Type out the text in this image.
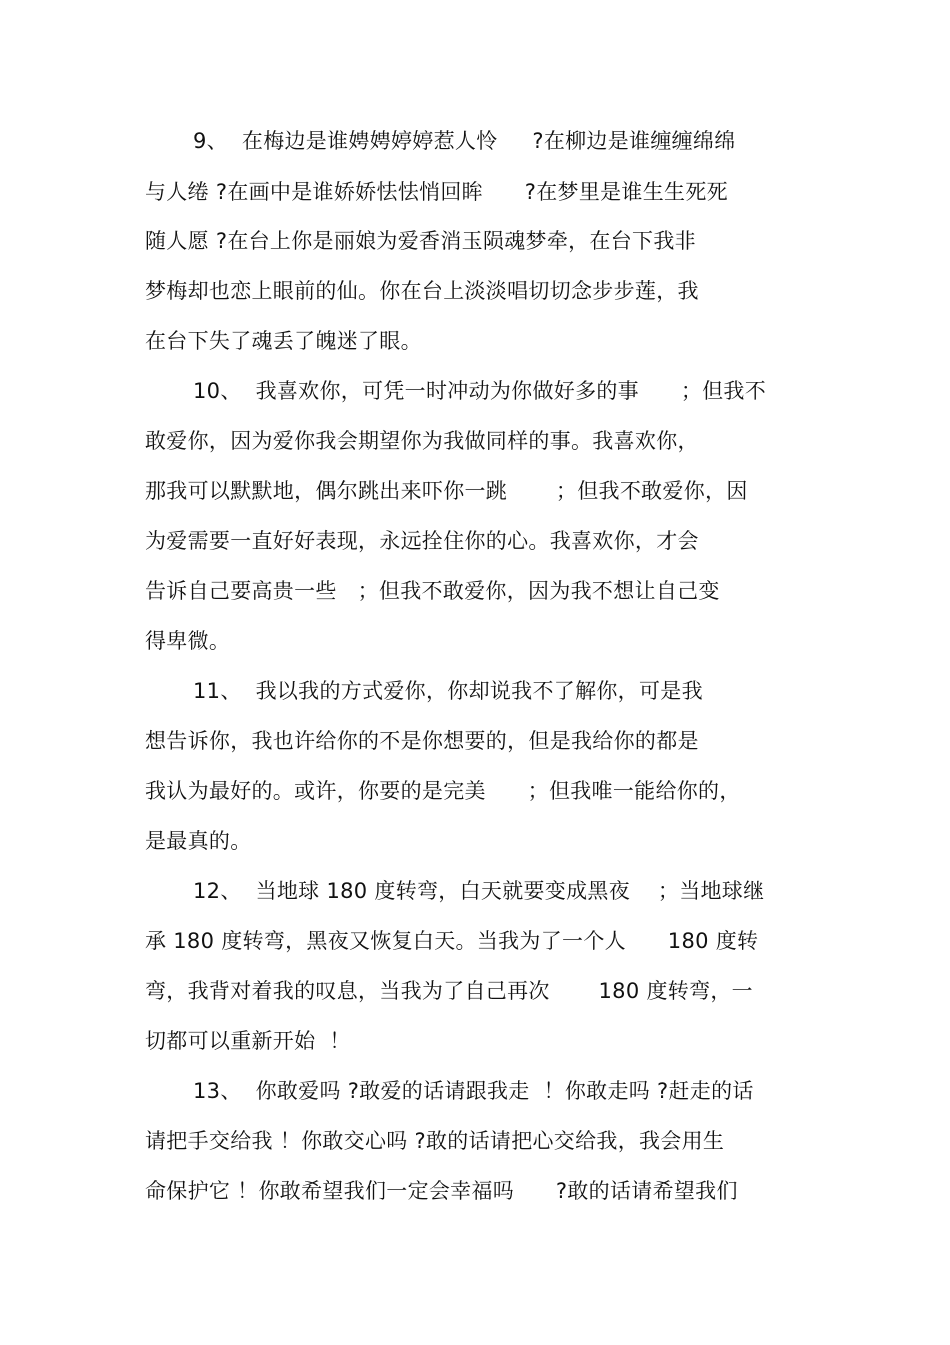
9、  在梅边是谁娉娉婷婷惹人怜     ?在柳边是谁缠缠绵绵
与人绻 ?在画中是谁娇娇怯怯悄回眸      ?在梦里是谁生生死死
随人愿 ?在台上你是丽娘为爱香消玉陨魂梦牵，在台下我非
梦梅却也恋上眼前的仙。你在台上淡淡唱切切念步步莲，我
在台下失了魂丢了魄迷了眼。
10、  我喜欢你，可凭一时冲动为你做好多的事      ；但我不
敢爱你，因为爱你我会期望你为我做同样的事。我喜欢你，
那我可以默默地，偶尔跳出来吓你一跳       ；但我不敢爱你，因
为爱需要一直好好表现，永远拴住你的心。我喜欢你，才会
告诉自己要高贵一些   ；但我不敢爱你，因为我不想让自己变
得卑微。
11、  我以我的方式爱你，你却说我不了解你，可是我
想告诉你，我也许给你的不是你想要的，但是我给你的都是
我认为最好的。或许，你要的是完美      ；但我唯一能给你的，
是最真的。
12、  当地球 180 度转弯，白天就要变成黑夜    ；当地球继
承 180 度转弯，黑夜又恢复白天。当我为了一个人      180 度转
弯，我背对着我的叹息，当我为了自己再次       180 度转弯，一
切都可以重新开始  ！
13、  你敢爱吗 ?敢爱的话请跟我走  ！你敢走吗 ?赶走的话
请把手交给我 ！你敢交心吗 ?敢的话请把心交给我，我会用生
命保护它 ！你敢希望我们一定会幸福吗      ?敢的话请希望我们
